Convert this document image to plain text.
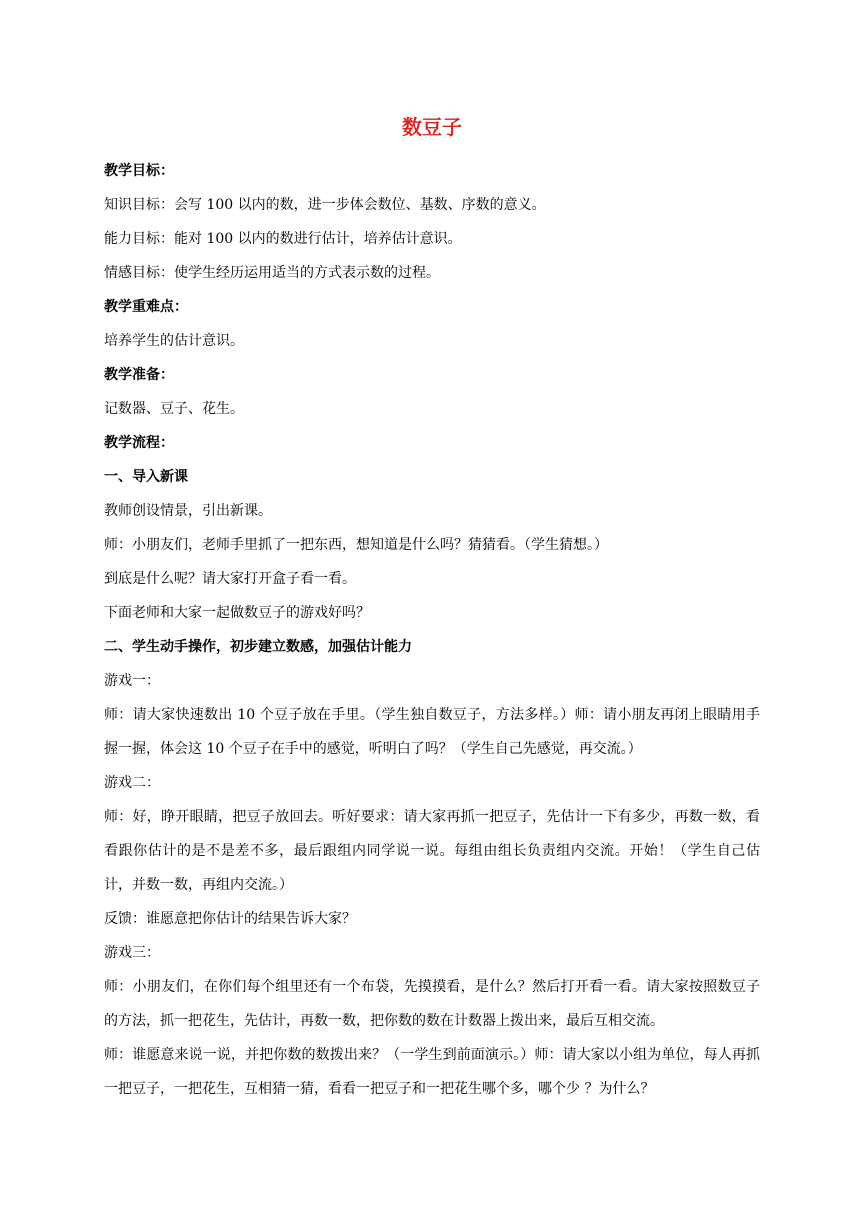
数豆子

教学目标：

知识目标：会写 100 以内的数，进一步体会数位、基数、序数的意义。

能力目标：能对 100 以内的数进行估计，培养估计意识。

情感目标：使学生经历运用适当的方式表示数的过程。

教学重难点：

培养学生的估计意识。

教学准备：

记数器、豆子、花生。

教学流程：

一、导入新课

教师创设情景，引出新课。

师：小朋友们，老师手里抓了一把东西，想知道是什么吗？猜猜看。（学生猜想。）

到底是什么呢？请大家打开盒子看一看。

下面老师和大家一起做数豆子的游戏好吗？

二、学生动手操作，初步建立数感，加强估计能力

游戏一：

师：请大家快速数出 10 个豆子放在手里。（学生独自数豆子，方法多样。）师：请小朋友再闭上眼睛用手握一握，体会这 10 个豆子在手中的感觉，听明白了吗？（学生自己先感觉，再交流。）

游戏二：

师：好，睁开眼睛，把豆子放回去。听好要求：请大家再抓一把豆子，先估计一下有多少，再数一数，看看跟你估计的是不是差不多，最后跟组内同学说一说。每组由组长负责组内交流。开始！（学生自己估计，并数一数，再组内交流。）

反馈：谁愿意把你估计的结果告诉大家？

游戏三：

师：小朋友们，在你们每个组里还有一个布袋，先摸摸看，是什么？然后打开看一看。请大家按照数豆子的方法，抓一把花生，先估计，再数一数，把你数的数在计数器上拨出来，最后互相交流。

师：谁愿意来说一说，并把你数的数拨出来？（一学生到前面演示。）师：请大家以小组为单位，每人再抓一把豆子，一把花生，互相猜一猜，看看一把豆子和一把花生哪个多，哪个少 ？为什么？
